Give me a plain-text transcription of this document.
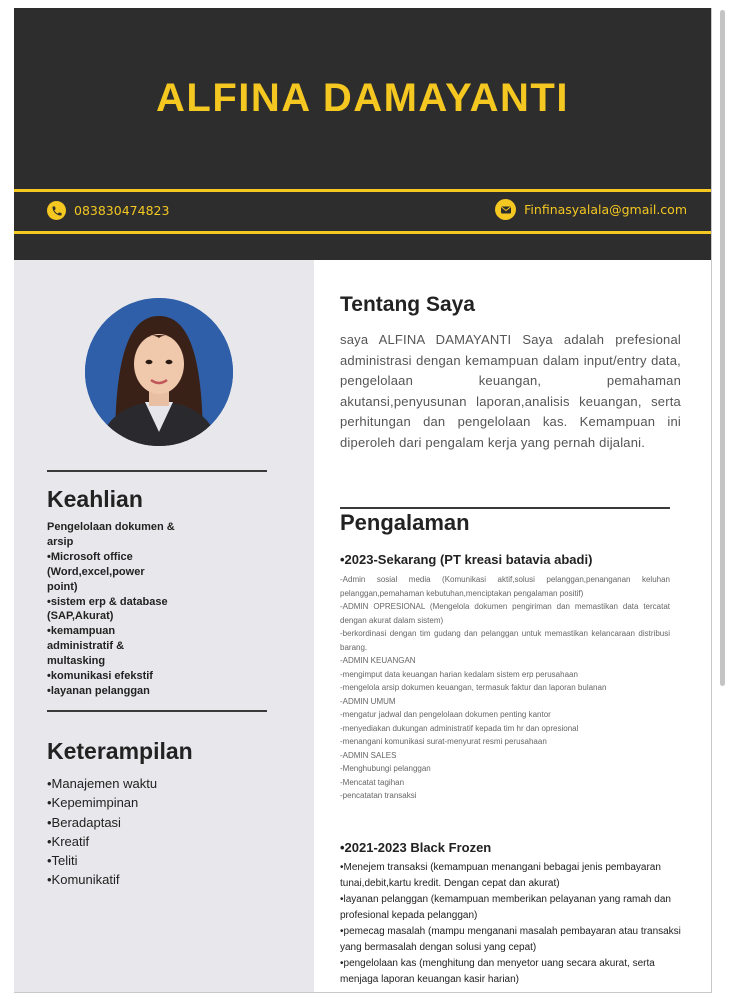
ALFINA DAMAYANTI
083830474823	Finfinasyalala@gmail.com
Keahlian
Pengelolaan dokumen &
arsip
•Microsoft office
(Word,excel,power
point)
•sistem erp & database
(SAP,Akurat)
•kemampuan
administratif &
multasking
•komunikasi efekstif
•layanan pelanggan
Keterampilan
•Manajemen waktu
•Kepemimpinan
•Beradaptasi
•Kreatif
•Teliti
•Komunikatif
Tentang Saya
saya ALFINA DAMAYANTI Saya adalah prefesional administrasi dengan kemampuan dalam input/entry data, pengelolaan keuangan, pemahaman akutansi,penyusunan laporan,analisis keuangan, serta perhitungan dan pengelolaan kas. Kemampuan ini diperoleh dari pengalam kerja yang pernah dijalani.
Pengalaman
•2023-Sekarang (PT kreasi batavia abadi)
-Admin sosial media (Komunikasi aktif,solusi pelanggan,penanganan keluhan pelanggan,pemahaman kebutuhan,menciptakan pengalaman positif)
-ADMIN OPRESIONAL (Mengelola dokumen pengiriman dan memastikan data tercatat dengan akurat dalam sistem)
-berkordinasi dengan tim gudang dan pelanggan untuk memastikan kelancaraan distribusi barang.
-ADMIN KEUANGAN
-mengimput data keuangan harian kedalam sistem erp perusahaan
-mengelola arsip dokumen keuangan, termasuk faktur dan laporan bulanan
-ADMIN UMUM
-mengatur jadwal dan pengelolaan dokumen penting kantor
-menyediakan dukungan administratif kepada tim hr dan opresional
-menangani komunikasi surat-menyurat resmi perusahaan
-ADMIN SALES
-Menghubungi pelanggan
-Mencatat tagihan
-pencatatan transaksi
•2021-2023 Black Frozen
•Menejem transaksi (kemampuan menangani bebagai jenis pembayaran tunai,debit,kartu kredit. Dengan cepat dan akurat)
•layanan pelanggan (kemampuan memberikan pelayanan yang ramah dan profesional kepada pelanggan)
•pemecag masalah (mampu menganani masalah pembayaran atau transaksi yang bermasalah dengan solusi yang cepat)
•pengelolaan kas (menghitung dan menyetor uang secara akurat, serta menjaga laporan keuangan kasir harian)
